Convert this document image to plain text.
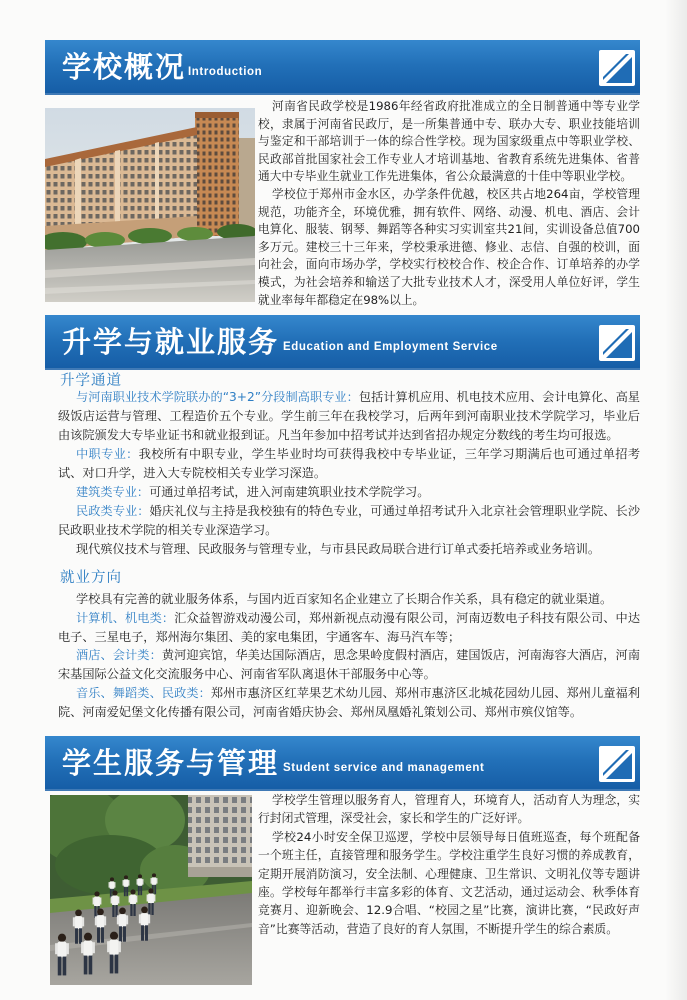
学校概况 Introduction

河南省民政学校是1986年经省政府批准成立的全日制普通中等专业学校，隶属于河南省民政厅，是一所集普通中专、联办大专、职业技能培训与鉴定和干部培训于一体的综合性学校。现为国家级重点中等职业学校、民政部首批国家社会工作专业人才培训基地、省教育系统先进集体、省普通大中专毕业生就业工作先进集体，省公众最满意的十佳中等职业学校。

学校位于郑州市金水区，办学条件优越，校区共占地264亩，学校管理规范，功能齐全，环境优雅，拥有软件、网络、动漫、机电、酒店、会计电算化、服装、钢琴、舞蹈等各种实习实训室共21间，实训设备总值700多万元。建校三十三年来，学校秉承进德、修业、志信、自强的校训，面向社会，面向市场办学，学校实行校校合作、校企合作、订单培养的办学模式，为社会培养和输送了大批专业技术人才，深受用人单位好评，学生就业率每年都稳定在98%以上。

升学与就业服务 Education and Employment Service
升学通道

与河南职业技术学院联办的“3+2”分段制高职专业：包括计算机应用、机电技术应用、会计电算化、高星级饭店运营与管理、工程造价五个专业。学生前三年在我校学习，后两年到河南职业技术学院学习，毕业后由该院颁发大专毕业证书和就业报到证。凡当年参加中招考试并达到省招办规定分数线的考生均可报选。

中职专业：我校所有中职专业，学生毕业时均可获得我校中专毕业证，三年学习期满后也可通过单招考试、对口升学，进入大专院校相关专业学习深造。

建筑类专业：可通过单招考试，进入河南建筑职业技术学院学习。

民政类专业：婚庆礼仪与主持是我校独有的特色专业，可通过单招考试升入北京社会管理职业学院、长沙民政职业技术学院的相关专业深造学习。

现代殡仪技术与管理、民政服务与管理专业，与市县民政局联合进行订单式委托培养或业务培训。

就业方向

学校具有完善的就业服务体系，与国内近百家知名企业建立了长期合作关系，具有稳定的就业渠道。

计算机、机电类：汇众益智游戏动漫公司，郑州新视点动漫有限公司，河南迈数电子科技有限公司、中达电子、三星电子，郑州海尔集团、美的家电集团，宇通客车、海马汽车等；

酒店、会计类：黄河迎宾馆，华美达国际酒店，思念果岭度假村酒店，建国饭店，河南海容大酒店，河南宋基国际公益文化交流服务中心、河南省军队离退休干部服务中心等。

音乐、舞蹈类、民政类：郑州市惠济区红苹果艺术幼儿园、郑州市惠济区北城花园幼儿园、郑州儿童福利院、河南爱妃堡文化传播有限公司，河南省婚庆协会、郑州凤凰婚礼策划公司、郑州市殡仪馆等。

学生服务与管理 Student service and management

学校学生管理以服务育人，管理育人，环境育人，活动育人为理念，实行封闭式管理，深受社会，家长和学生的广泛好评。

学校24小时安全保卫巡逻，学校中层领导每日值班巡查，每个班配备一个班主任，直接管理和服务学生。学校注重学生良好习惯的养成教育，定期开展消防演习，安全法制、心理健康、卫生常识、文明礼仪等专题讲座。学校每年都举行丰富多彩的体育、文艺活动，通过运动会、秋季体育竞赛月、迎新晚会、12.9合唱、“校园之星”比赛，演讲比赛，“民政好声音”比赛等活动，营造了良好的育人氛围，不断提升学生的综合素质。
